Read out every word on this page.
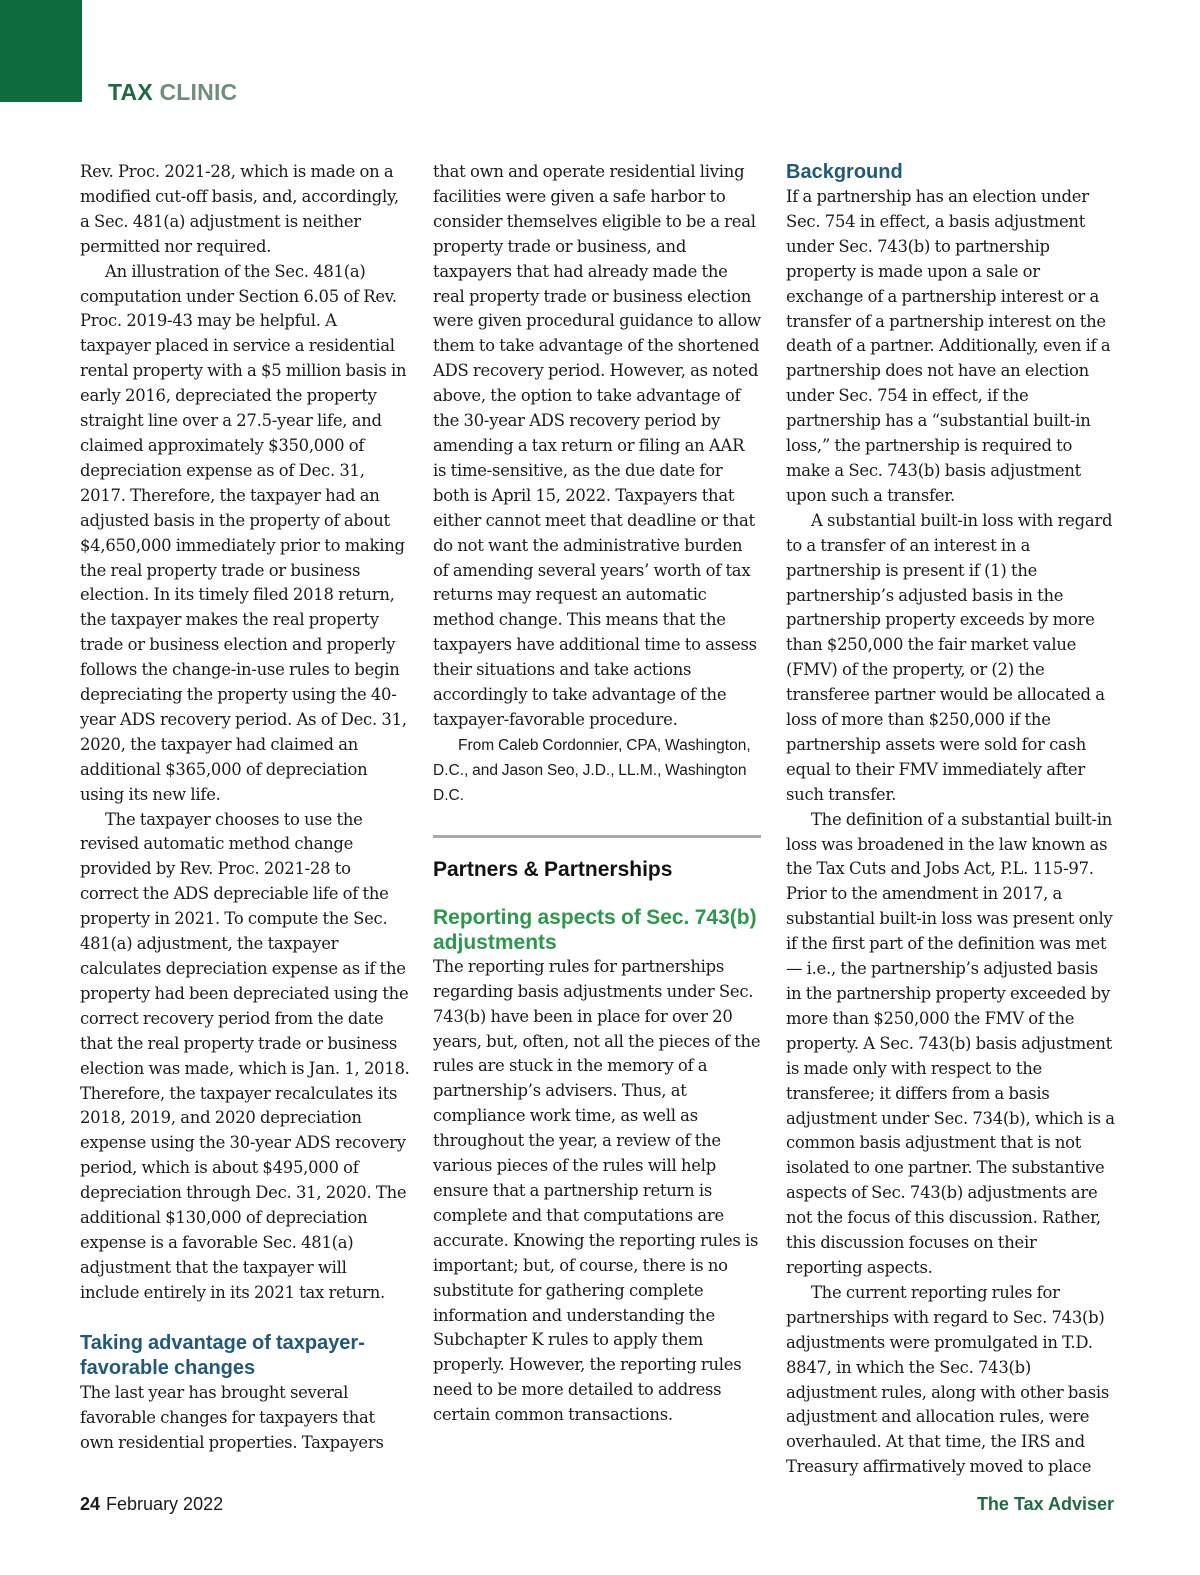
TAX CLINIC

Rev. Proc. 2021-28, which is made on a modified cut-off basis, and, accordingly, a Sec. 481(a) adjustment is neither permitted nor required.

An illustration of the Sec. 481(a) computation under Section 6.05 of Rev. Proc. 2019-43 may be helpful. A taxpayer placed in service a residential rental property with a $5 million basis in early 2016, depreciated the property straight line over a 27.5-year life, and claimed approximately $350,000 of depreciation expense as of Dec. 31, 2017. Therefore, the taxpayer had an adjusted basis in the property of about $4,650,000 immediately prior to making the real property trade or business election. In its timely filed 2018 return, the taxpayer makes the real property trade or business election and properly follows the change-in-use rules to begin depreciating the property using the 40-year ADS recovery period. As of Dec. 31, 2020, the taxpayer had claimed an additional $365,000 of depreciation using its new life.

The taxpayer chooses to use the revised automatic method change provided by Rev. Proc. 2021-28 to correct the ADS depreciable life of the property in 2021. To compute the Sec. 481(a) adjustment, the taxpayer calculates depreciation expense as if the property had been depreciated using the correct recovery period from the date that the real property trade or business election was made, which is Jan. 1, 2018. Therefore, the taxpayer recalculates its 2018, 2019, and 2020 depreciation expense using the 30-year ADS recovery period, which is about $495,000 of depreciation through Dec. 31, 2020. The additional $130,000 of depreciation expense is a favorable Sec. 481(a) adjustment that the taxpayer will include entirely in its 2021 tax return.

Taking advantage of taxpayer-favorable changes

The last year has brought several favorable changes for taxpayers that own residential properties. Taxpayers

that own and operate residential living facilities were given a safe harbor to consider themselves eligible to be a real property trade or business, and taxpayers that had already made the real property trade or business election were given procedural guidance to allow them to take advantage of the shortened ADS recovery period. However, as noted above, the option to take advantage of the 30-year ADS recovery period by amending a tax return or filing an AAR is time-sensitive, as the due date for both is April 15, 2022. Taxpayers that either cannot meet that deadline or that do not want the administrative burden of amending several years’ worth of tax returns may request an automatic method change. This means that the taxpayers have additional time to assess their situations and take actions accordingly to take advantage of the taxpayer-favorable procedure.

From Caleb Cordonnier, CPA, Washington, D.C., and Jason Seo, J.D., LL.M., Washington D.C.

Partners & Partnerships
Reporting aspects of Sec. 743(b) adjustments

The reporting rules for partnerships regarding basis adjustments under Sec. 743(b) have been in place for over 20 years, but, often, not all the pieces of the rules are stuck in the memory of a partnership’s advisers. Thus, at compliance work time, as well as throughout the year, a review of the various pieces of the rules will help ensure that a partnership return is complete and that computations are accurate. Knowing the reporting rules is important; but, of course, there is no substitute for gathering complete information and understanding the Subchapter K rules to apply them properly. However, the reporting rules need to be more detailed to address certain common transactions.

Background

If a partnership has an election under Sec. 754 in effect, a basis adjustment under Sec. 743(b) to partnership property is made upon a sale or exchange of a partnership interest or a transfer of a partnership interest on the death of a partner. Additionally, even if a partnership does not have an election under Sec. 754 in effect, if the partnership has a “substantial built-in loss,” the partnership is required to make a Sec. 743(b) basis adjustment upon such a transfer.

A substantial built-in loss with regard to a transfer of an interest in a partnership is present if (1) the partnership’s adjusted basis in the partnership property exceeds by more than $250,000 the fair market value (FMV) of the property, or (2) the transferee partner would be allocated a loss of more than $250,000 if the partnership assets were sold for cash equal to their FMV immediately after such transfer.

The definition of a substantial built-in loss was broadened in the law known as the Tax Cuts and Jobs Act, P.L. 115-97. Prior to the amendment in 2017, a substantial built-in loss was present only if the first part of the definition was met — i.e., the partnership’s adjusted basis in the partnership property exceeded by more than $250,000 the FMV of the property. A Sec. 743(b) basis adjustment is made only with respect to the transferee; it differs from a basis adjustment under Sec. 734(b), which is a common basis adjustment that is not isolated to one partner. The substantive aspects of Sec. 743(b) adjustments are not the focus of this discussion. Rather, this discussion focuses on their reporting aspects.

The current reporting rules for partnerships with regard to Sec. 743(b) adjustments were promulgated in T.D. 8847, in which the Sec. 743(b) adjustment rules, along with other basis adjustment and allocation rules, were overhauled. At that time, the IRS and Treasury affirmatively moved to place

24 February 2022	The Tax Adviser
